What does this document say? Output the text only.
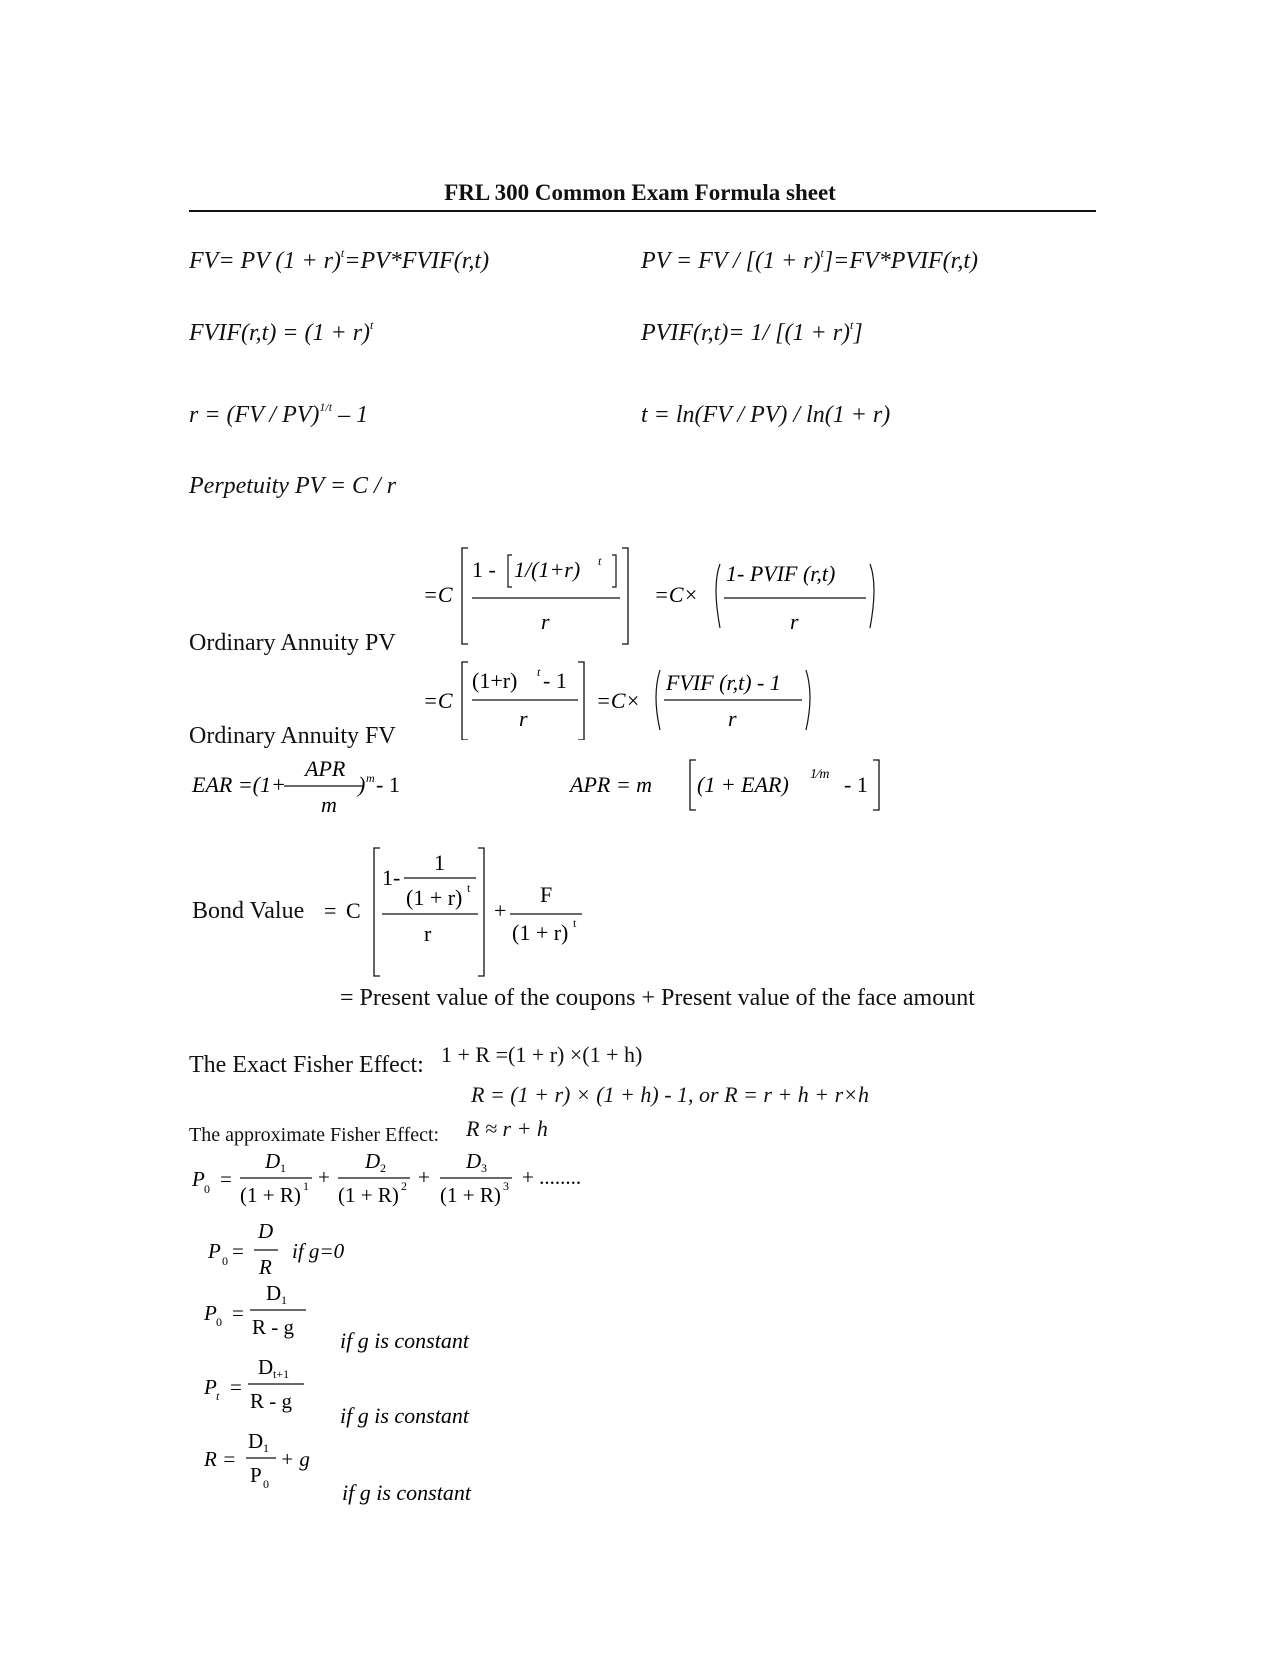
FRL 300 Common Exam Formula sheet
FV= PV $(1 + r)^t=PV*FVIF(r,t)$	PV = FV / $[(1 + r)^t]=FV*PVIF(r,t)$
FVIF(r,t) = $(1 + r)^t$	PVIF(r,t)= 1/ $[(1 + r)^t]$
r = (FV / PV)$^{1/t}$ – 1	t = ln(FV / PV) / ln(1 + r)
Perpetuity PV = C / r
Ordinary Annuity PV
Ordinary Annuity FV
=C
1 - 1/(1+r) t
r
=C×
1- PVIF (r,t)
r
=C
(1+r) t - 1
r
=C×
FVIF (r,t) - 1
r
EAR =(1+
APR
m
) m - 1	APR = m (1 + EAR) 1⁄m - 1
Bond Value = C
1-
1
(1 + r) t
r
+
F
(1 + r) t
= Present value of the coupons + Present value of the face amount
The Exact Fisher Effect: 1 + R =(1 + r) ×(1 + h)
R = (1 + r) × (1 + h) - 1, or R = r + h + r×h
The approximate Fisher Effect: R ≈ r + h
P 0 =
D 1
(1 + R) 1 +
D 2
(1 + R) 2 +
D 3
(1 + R) 3 + ........
P 0 =
D
R
if g=0
P 0 =
D 1
R - g
if g is constant
P t =
D t+1
R - g
if g is constant
R =
D 1
P 0
+ g
if g is constant
